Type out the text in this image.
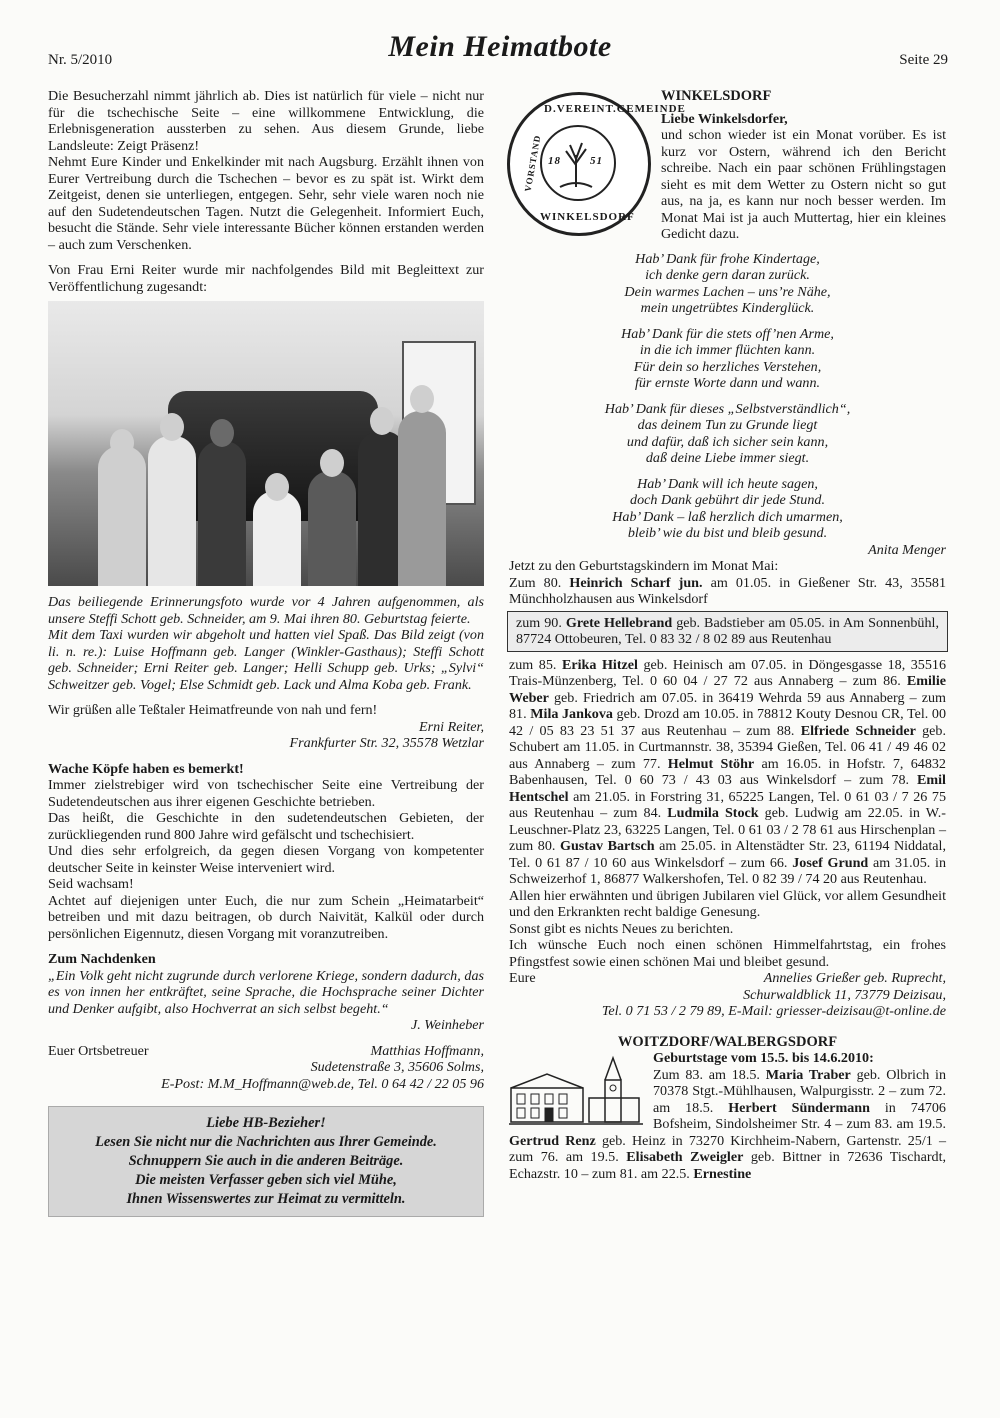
Nr. 5/2010	Mein Heimatbote	Seite 29

Die Besucherzahl nimmt jährlich ab. Dies ist natürlich für viele – nicht nur für die tschechische Seite – eine willkommene Entwicklung, die Erlebnisgeneration aussterben zu sehen. Aus diesem Grunde, liebe Landsleute: Zeigt Präsenz!

Nehmt Eure Kinder und Enkelkinder mit nach Augsburg. Erzählt ihnen von Eurer Vertreibung durch die Tschechen – bevor es zu spät ist. Wirkt dem Zeitgeist, denen sie unterliegen, entgegen. Sehr, sehr viele waren noch nie auf den Sudetendeutschen Tagen. Nutzt die Gelegenheit. Informiert Euch, besucht die Stände. Sehr viele interessante Bücher können erstanden werden – auch zum Verschenken.

Von Frau Erni Reiter wurde mir nachfolgendes Bild mit Begleittext zur Veröffentlichung zugesandt:

Das beiliegende Erinnerungsfoto wurde vor 4 Jahren aufgenommen, als unsere Steffi Schott geb. Schneider, am 9. Mai ihren 80. Geburtstag feierte.

Mit dem Taxi wurden wir abgeholt und hatten viel Spaß. Das Bild zeigt (von li. n. re.): Luise Hoffmann geb. Langer (Winkler-Gasthaus); Steffi Schott geb. Schneider; Erni Reiter geb. Langer; Helli Schupp geb. Urks; „Sylvi“ Schweitzer geb. Vogel; Else Schmidt geb. Lack und Alma Koba geb. Frank.

Wir grüßen alle Teßtaler Heimatfreunde von nah und fern!

Erni Reiter,

Frankfurter Str. 32, 35578 Wetzlar

Wache Köpfe haben es bemerkt!

Immer zielstrebiger wird von tschechischer Seite eine Vertreibung der Sudetendeutschen aus ihrer eigenen Geschichte betrieben.

Das heißt, die Geschichte in den sudetendeutschen Gebieten, der zurückliegenden rund 800 Jahre wird gefälscht und tschechisiert.

Und dies sehr erfolgreich, da gegen diesen Vorgang von kompetenter deutscher Seite in keinster Weise interveniert wird.

Seid wachsam!

Achtet auf diejenigen unter Euch, die nur zum Schein „Heimatarbeit“ betreiben und mit dazu beitragen, ob durch Naivität, Kalkül oder durch persönlichen Eigennutz, diesen Vorgang mit voranzutreiben.

Zum Nachdenken

„Ein Volk geht nicht zugrunde durch verlorene Kriege, sondern dadurch, das es von innen her entkräftet, seine Sprache, die Hochsprache seiner Dichter und Denker aufgibt, also Hochverrat an sich selbst begeht.“

J. Weinheber

Euer Ortsbetreuer	Matthias Hoffmann,

Sudetenstraße 3, 35606 Solms,

E-Post: M.M_Hoffmann@web.de, Tel. 0 64 42 / 22 05 96

Liebe HB-Bezieher!
Lesen Sie nicht nur die Nachrichten aus Ihrer Gemeinde.
Schnuppern Sie auch in die anderen Beiträge.
Die meisten Verfasser geben sich viel Mühe,
Ihnen Wissenswertes zur Heimat zu vermitteln.
D.VEREINT.GEMEINDE
VORSTAND
WINKELSDORF
18	51

WINKELSDORF

Liebe Winkelsdorfer,

und schon wieder ist ein Monat vorüber. Es ist kurz vor Ostern, während ich den Bericht schreibe. Nach ein paar schönen Frühlingstagen sieht es mit dem Wetter zu Ostern nicht so gut aus, na ja, es kann nur noch besser werden. Im Monat Mai ist ja auch Muttertag, hier ein kleines Gedicht dazu.

Hab’ Dank für frohe Kindertage,

ich denke gern daran zurück.

Dein warmes Lachen – uns’re Nähe,

mein ungetrübtes Kinderglück.

Hab’ Dank für die stets off’nen Arme,

in die ich immer flüchten kann.

Für dein so herzliches Verstehen,

für ernste Worte dann und wann.

Hab’ Dank für dieses „Selbstverständlich“,

das deinem Tun zu Grunde liegt

und dafür, daß ich sicher sein kann,

daß deine Liebe immer siegt.

Hab’ Dank will ich heute sagen,

doch Dank gebührt dir jede Stund.

Hab’ Dank – laß herzlich dich umarmen,

bleib’ wie du bist und bleib gesund.

Anita Menger

Jetzt zu den Geburtstagskindern im Monat Mai:

Zum 80. Heinrich Scharf jun. am 01.05. in Gießener Str. 43, 35581 Münchholzhausen aus Winkelsdorf

zum 90. Grete Hellebrand geb. Badstieber am 05.05. in Am Sonnenbühl, 87724 Ottobeuren, Tel. 0 83 32 / 8 02 89 aus Reutenhau

zum 85. Erika Hitzel geb. Heinisch am 07.05. in Döngesgasse 18, 35516 Trais-Münzenberg, Tel. 0 60 04 / 27 72 aus Annaberg – zum 86. Emilie Weber geb. Friedrich am 07.05. in 36419 Wehrda 59 aus Annaberg – zum 81. Mila Jankova geb. Drozd am 10.05. in 78812 Kouty Desnou CR, Tel. 00 42 / 05 83 23 51 37 aus Reutenhau – zum 88. Elfriede Schneider geb. Schubert am 11.05. in Curtmannstr. 38, 35394 Gießen, Tel. 06 41 / 49 46 02 aus Annaberg – zum 77. Helmut Stöhr am 16.05. in Hofstr. 7, 64832 Babenhausen, Tel. 0 60 73 / 43 03 aus Winkelsdorf – zum 78. Emil Hentschel am 21.05. in Forstring 31, 65225 Langen, Tel. 0 61 03 / 7 26 75 aus Reutenhau – zum 84. Ludmila Stock geb. Ludwig am 22.05. in W.-Leuschner-Platz 23, 63225 Langen, Tel. 0 61 03 / 2 78 61 aus Hirschenplan – zum 80. Gustav Bartsch am 25.05. in Altenstädter Str. 23, 61194 Niddatal, Tel. 0 61 87 / 10 60 aus Winkelsdorf – zum 66. Josef Grund am 31.05. in Schweizerhof 1, 86877 Walkershofen, Tel. 0 82 39 / 74 20 aus Reutenhau.

Allen hier erwähnten und übrigen Jubilaren viel Glück, vor allem Gesundheit und den Erkrankten recht baldige Genesung.

Sonst gibt es nichts Neues zu berichten.

Ich wünsche Euch noch einen schönen Himmelfahrtstag, ein frohes Pfingstfest sowie einen schönen Mai und bleibet gesund.

Eure	Annelies Grießer geb. Ruprecht,

Schurwaldblick 11, 73779 Deizisau,

Tel. 0 71 53 / 2 79 89, E-Mail: griesser-deizisau@t-online.de

WOITZDORF/WALBERGSDORF

Geburtstage vom 15.5. bis 14.6.2010:

Zum 83. am 18.5. Maria Traber geb. Olbrich in 70378 Stgt.-Mühlhausen, Walpurgisstr. 2 – zum 72. am 18.5. Herbert Sündermann in 74706 Bofsheim, Sindolsheimer Str. 4 – zum 83. am 19.5. Gertrud Renz geb. Heinz in 73270 Kirchheim-Nabern, Gartenstr. 25/1 – zum 76. am 19.5. Elisabeth Zweigler geb. Bittner in 72636 Tischardt, Echazstr. 10 – zum 81. am 22.5. Ernestine
